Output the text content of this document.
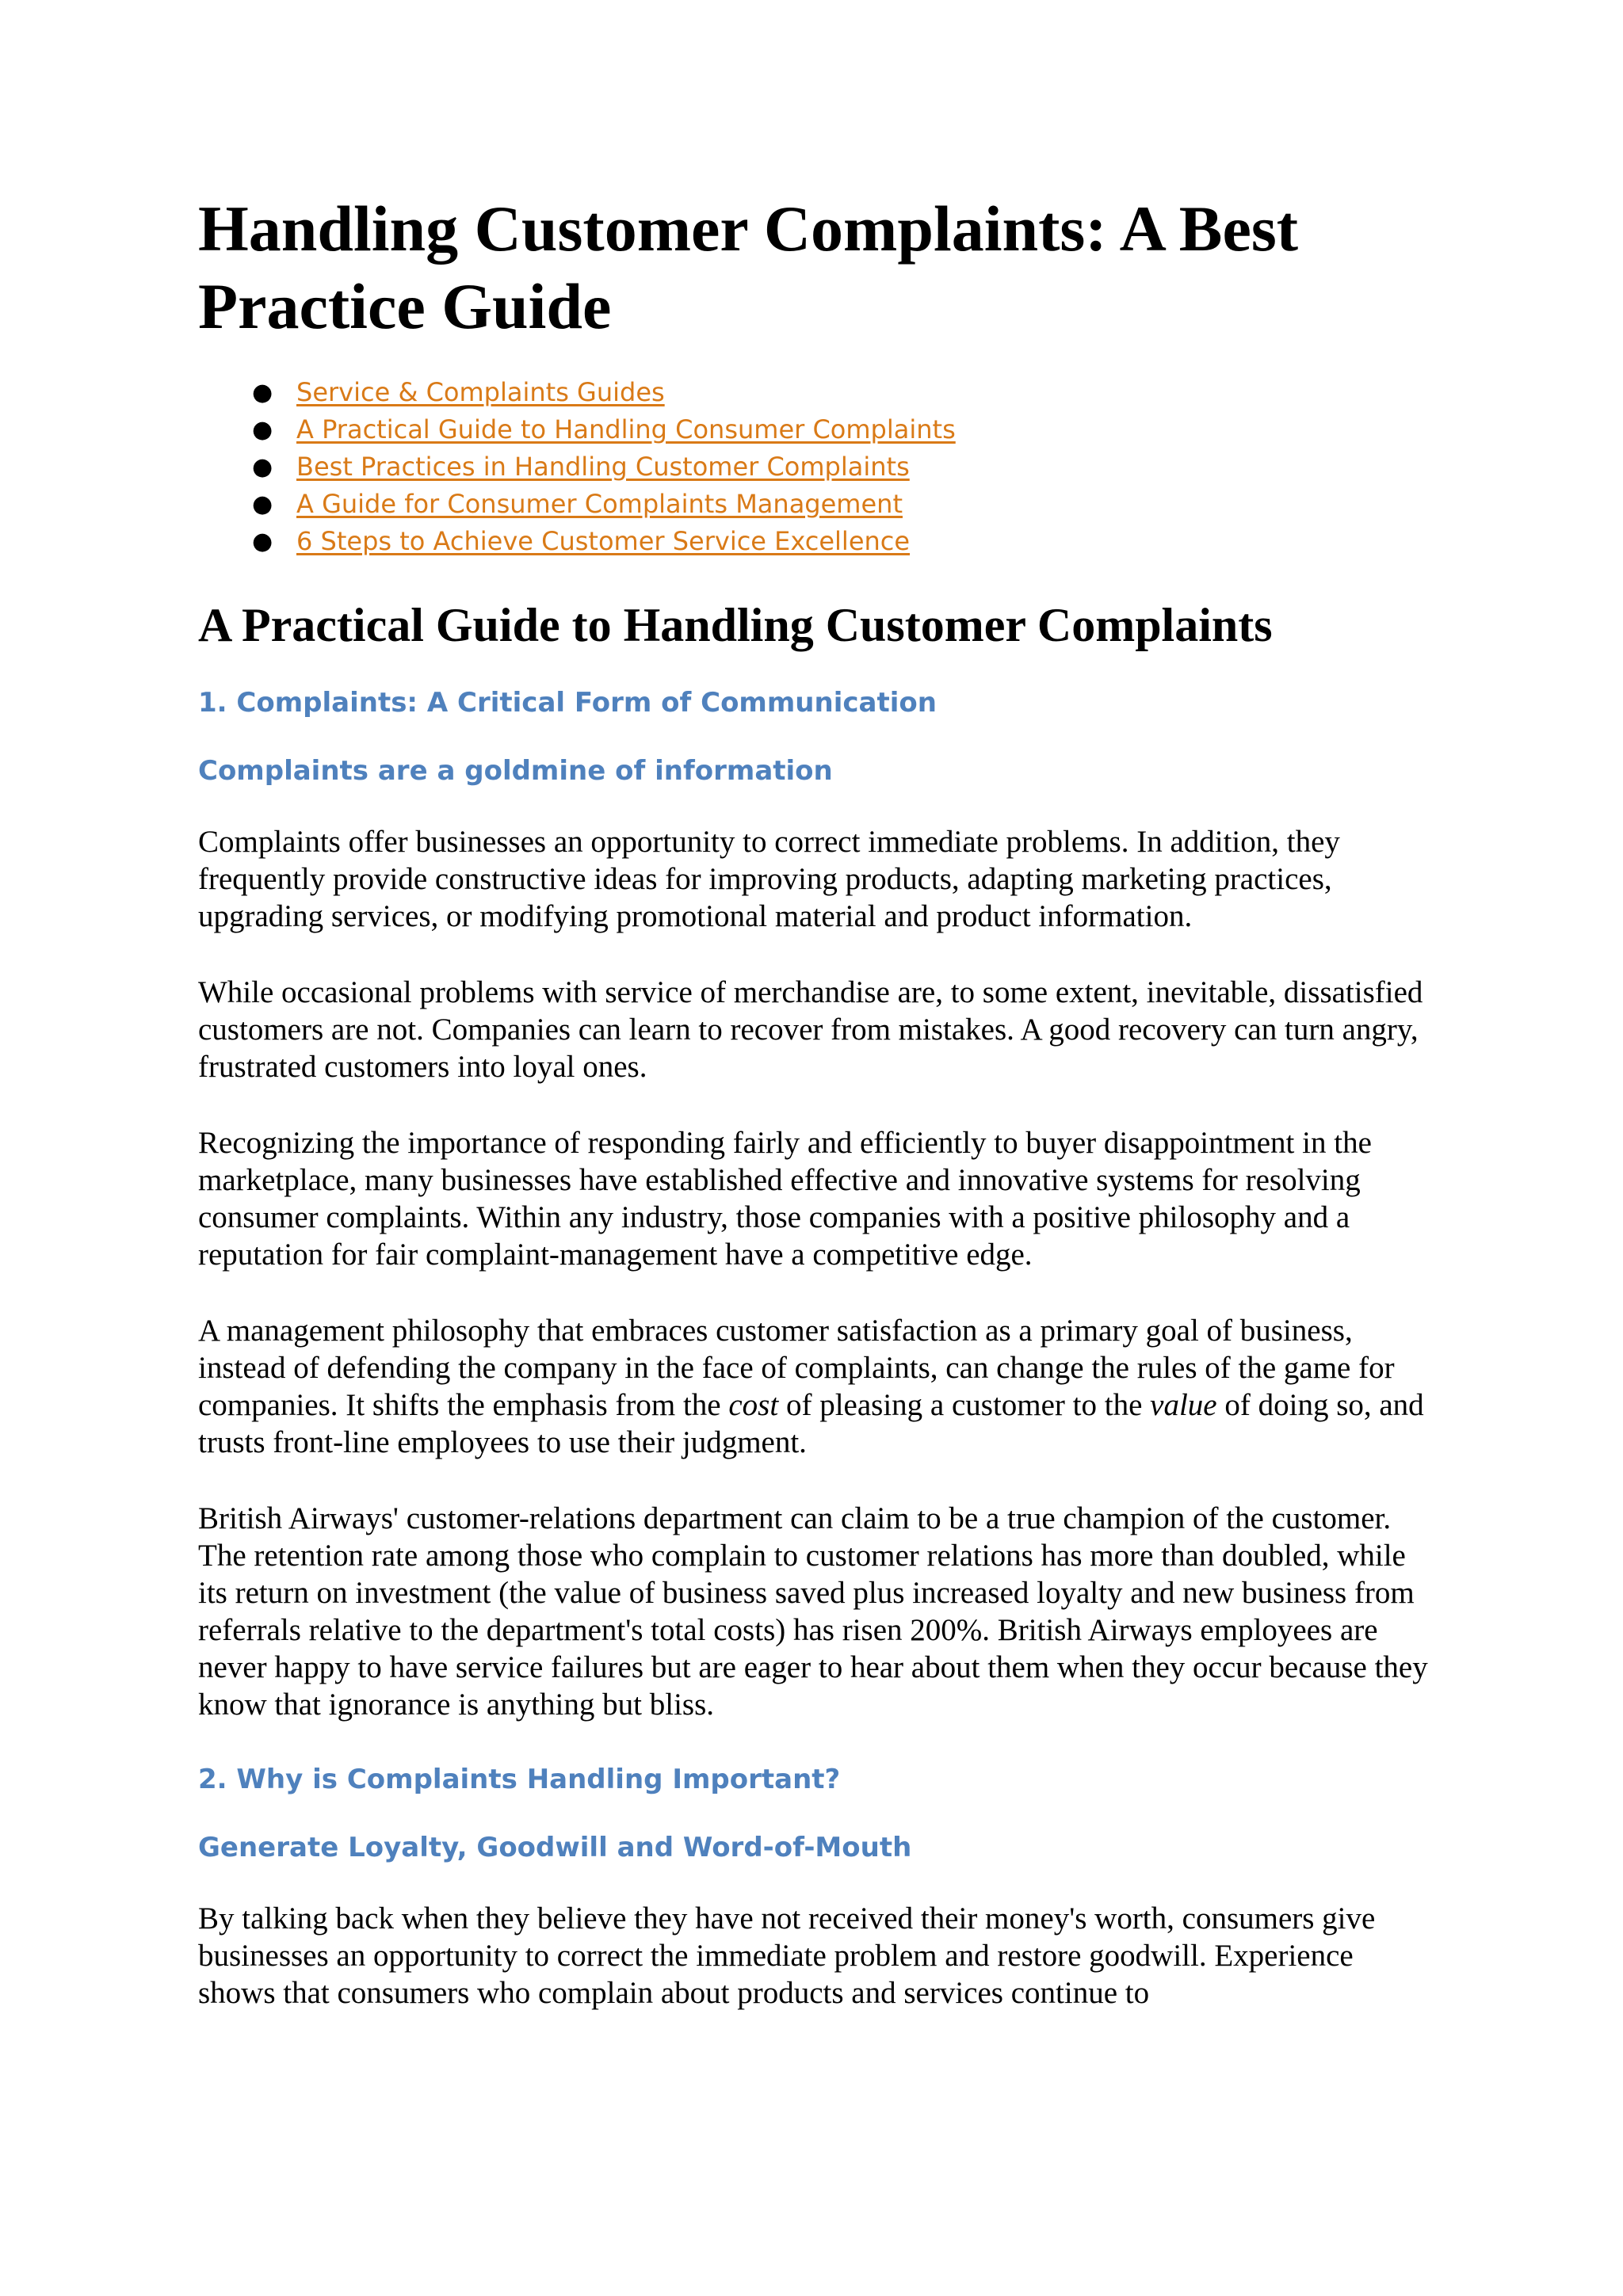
Handling Customer Complaints: A Best Practice Guide
● Service & Complaints Guides
● A Practical Guide to Handling Consumer Complaints
● Best Practices in Handling Customer Complaints
● A Guide for Consumer Complaints Management
● 6 Steps to Achieve Customer Service Excellence
A Practical Guide to Handling Customer Complaints
1. Complaints: A Critical Form of Communication
Complaints are a goldmine of information

Complaints offer businesses an opportunity to correct immediate problems. In addition, they frequently provide constructive ideas for improving products, adapting marketing practices, upgrading services, or modifying promotional material and product information.

While occasional problems with service of merchandise are, to some extent, inevitable, dissatisfied customers are not. Companies can learn to recover from mistakes. A good recovery can turn angry, frustrated customers into loyal ones.

Recognizing the importance of responding fairly and efficiently to buyer disappointment in the marketplace, many businesses have established effective and innovative systems for resolving consumer complaints. Within any industry, those companies with a positive philosophy and a reputation for fair complaint-management have a competitive edge.

A management philosophy that embraces customer satisfaction as a primary goal of business, instead of defending the company in the face of complaints, can change the rules of the game for companies. It shifts the emphasis from the cost of pleasing a customer to the value of doing so, and trusts front-line employees to use their judgment.

British Airways' customer-relations department can claim to be a true champion of the customer. The retention rate among those who complain to customer relations has more than doubled, while its return on investment (the value of business saved plus increased loyalty and new business from referrals relative to the department's total costs) has risen 200%. British Airways employees are never happy to have service failures but are eager to hear about them when they occur because they know that ignorance is anything but bliss.

2. Why is Complaints Handling Important?
Generate Loyalty, Goodwill and Word-of-Mouth

By talking back when they believe they have not received their money's worth, consumers give businesses an opportunity to correct the immediate problem and restore goodwill. Experience shows that consumers who complain about products and services continue to
